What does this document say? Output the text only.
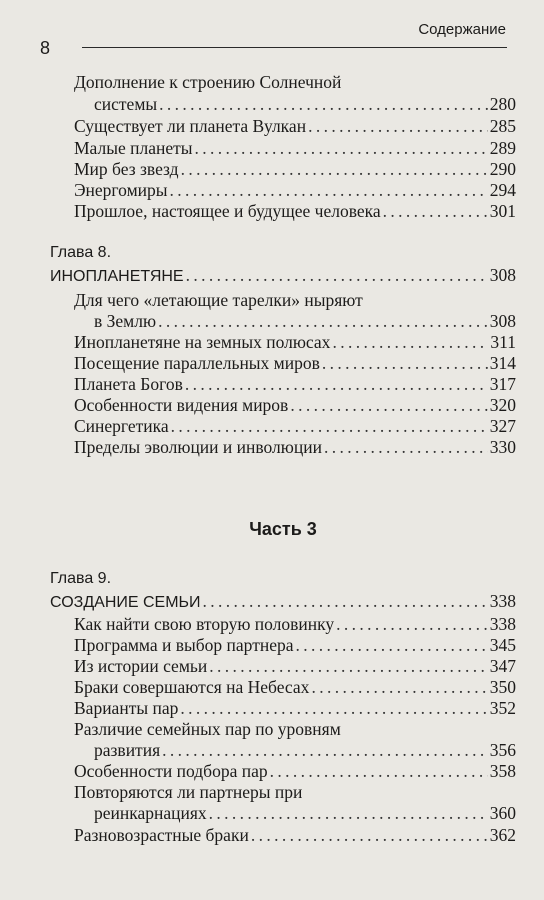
8
Содержание
Дополнение к строению Солнечной
системы . . .	280
Существует ли планета Вулкан . . .	285
Малые планеты . . .	289
Мир без звезд . . .	290
Энергомиры . . .	294
Прошлое, настоящее и будущее человека . . .	301
Глава 8.
ИНОПЛАНЕТЯНЕ . . .	308
Для чего «летающие тарелки» ныряют
в Землю . . .	308
Инопланетяне на земных полюсах . . .	311
Посещение параллельных миров . . .	314
Планета Богов . . .	317
Особенности видения миров . . .	320
Синергетика . . .	327
Пределы эволюции и инволюции . . .	330
Часть 3
Глава 9.
СОЗДАНИЕ СЕМЬИ . . .	338
Как найти свою вторую половинку . . .	338
Программа и выбор партнера . . .	345
Из истории семьи . . .	347
Браки совершаются на Небесах . . .	350
Варианты пар . . .	352
Различие семейных пар по уровням
развития . . .	356
Особенности подбора пар . . .	358
Повторяются ли партнеры при
реинкарнациях . . .	360
Разновозрастные браки . . .	362
